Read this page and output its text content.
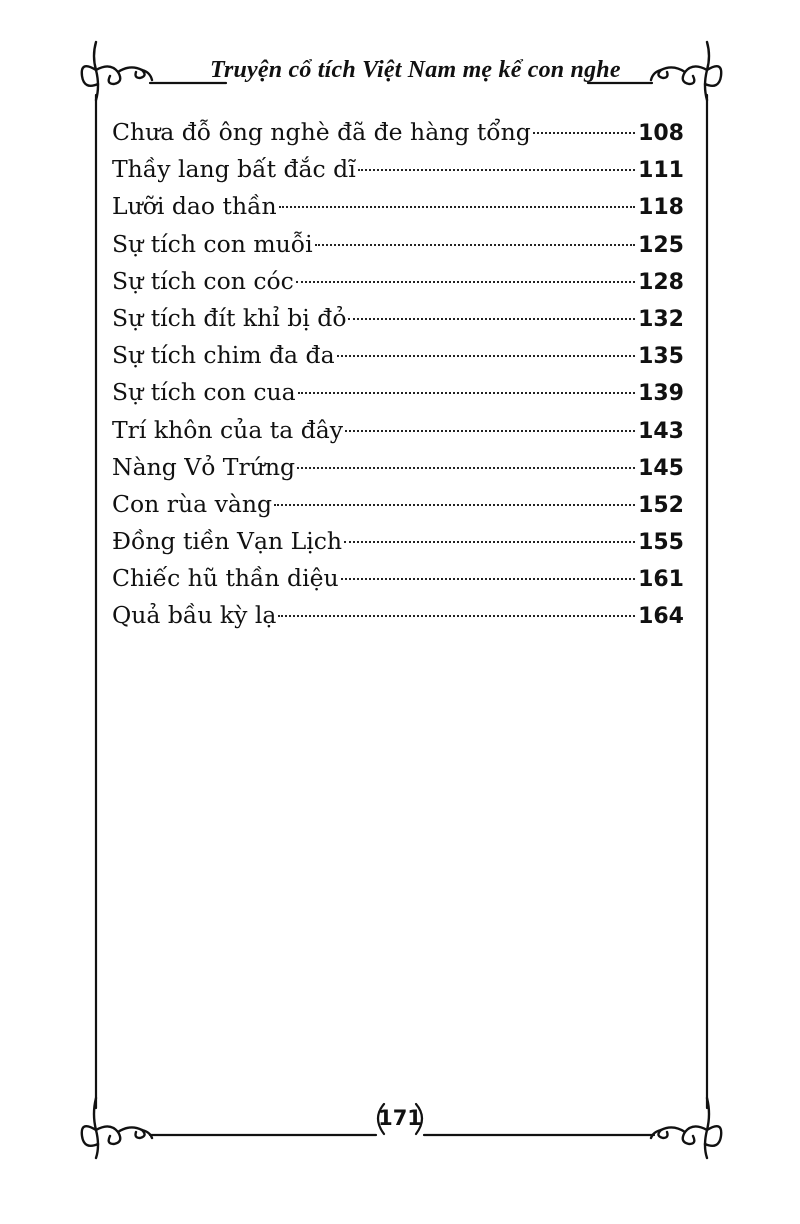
Truyện cổ tích Việt Nam mẹ kể con nghe
Chưa đỗ ông nghè đã đe hàng tổng	108
Thầy lang bất đắc dĩ	111
Lưỡi dao thần	118
Sự tích con muỗi	125
Sự tích con cóc	128
Sự tích đít khỉ bị đỏ	132
Sự tích chim đa đa	135
Sự tích con cua	139
Trí khôn của ta đây	143
Nàng Vỏ Trứng	145
Con rùa vàng	152
Đồng tiền Vạn Lịch	155
Chiếc hũ thần diệu	161
Quả bầu kỳ lạ	164
171
